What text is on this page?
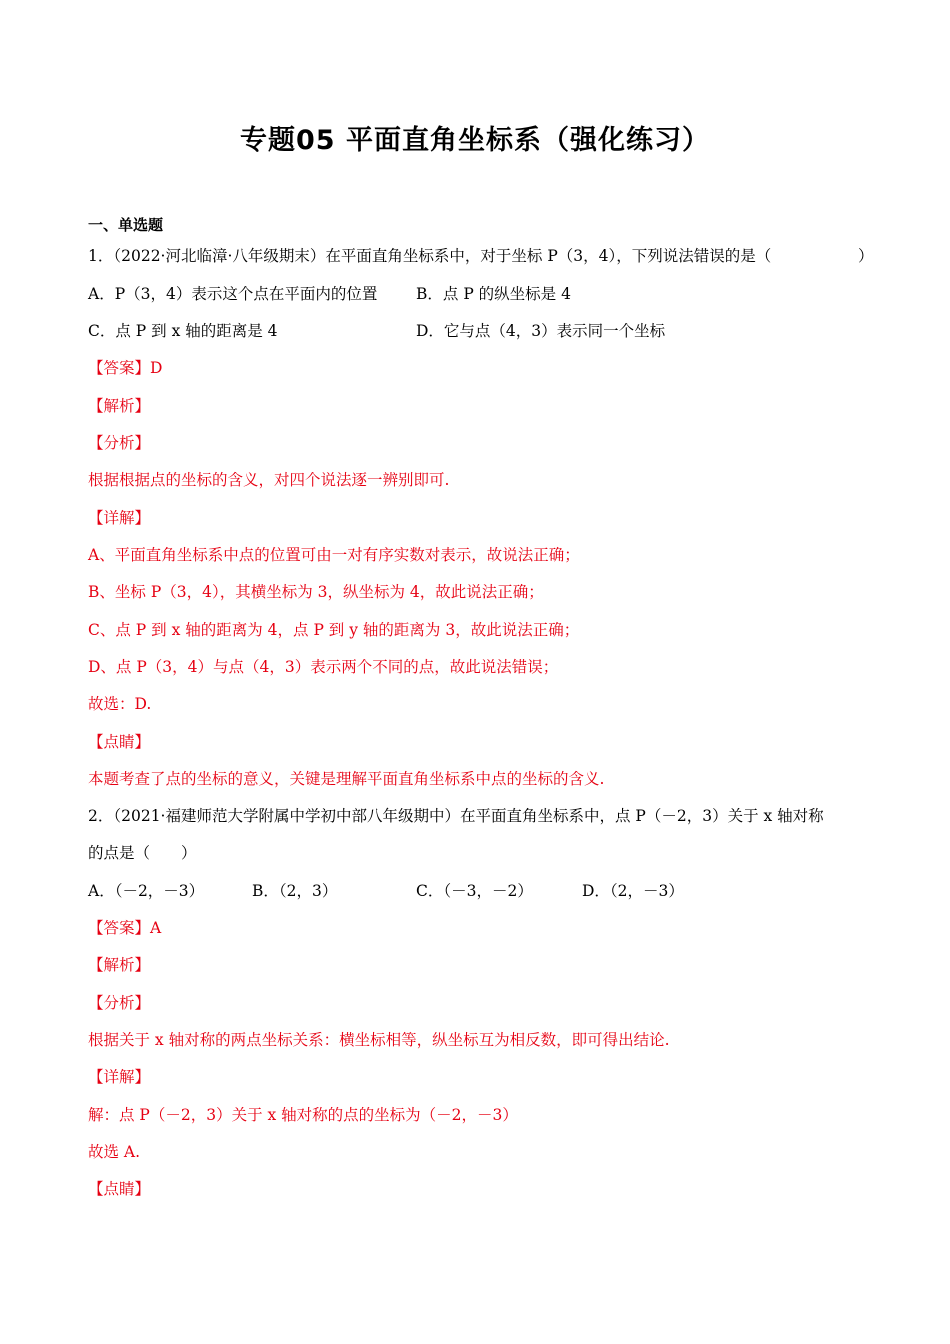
专题05 平面直角坐标系（强化练习）
一、单选题
1．（2022·河北临漳·八年级期末）在平面直角坐标系中，对于坐标 P（3，4），下列说法错误的是（	）
A．P（3，4）表示这个点在平面内的位置 B．点 P 的纵坐标是 4
C．点 P 到 x 轴的距离是 4	D．它与点（4，3）表示同一个坐标
【答案】D
【解析】
【分析】
根据根据点的坐标的含义，对四个说法逐一辨别即可.
【详解】
A、平面直角坐标系中点的位置可由一对有序实数对表示，故说法正确；
B、坐标 P（3，4），其横坐标为 3，纵坐标为 4，故此说法正确；
C、点 P 到 x 轴的距离为 4，点 P 到 y 轴的距离为 3，故此说法正确；
D、点 P（3，4）与点（4，3）表示两个不同的点，故此说法错误；
故选：D.
【点睛】
本题考查了点的坐标的意义，关键是理解平面直角坐标系中点的坐标的含义.
2．（2021·福建师范大学附属中学初中部八年级期中）在平面直角坐标系中，点 P（－2，3）关于 x 轴对称
的点是（　　）
A．（－2，－3）	B．（2，3）	C．（－3，－2）	D．（2，－3）
【答案】A
【解析】
【分析】
根据关于 x 轴对称的两点坐标关系：横坐标相等，纵坐标互为相反数，即可得出结论.
【详解】
解：点 P（－2，3）关于 x 轴对称的点的坐标为（－2，－3）
故选 A.
【点睛】
